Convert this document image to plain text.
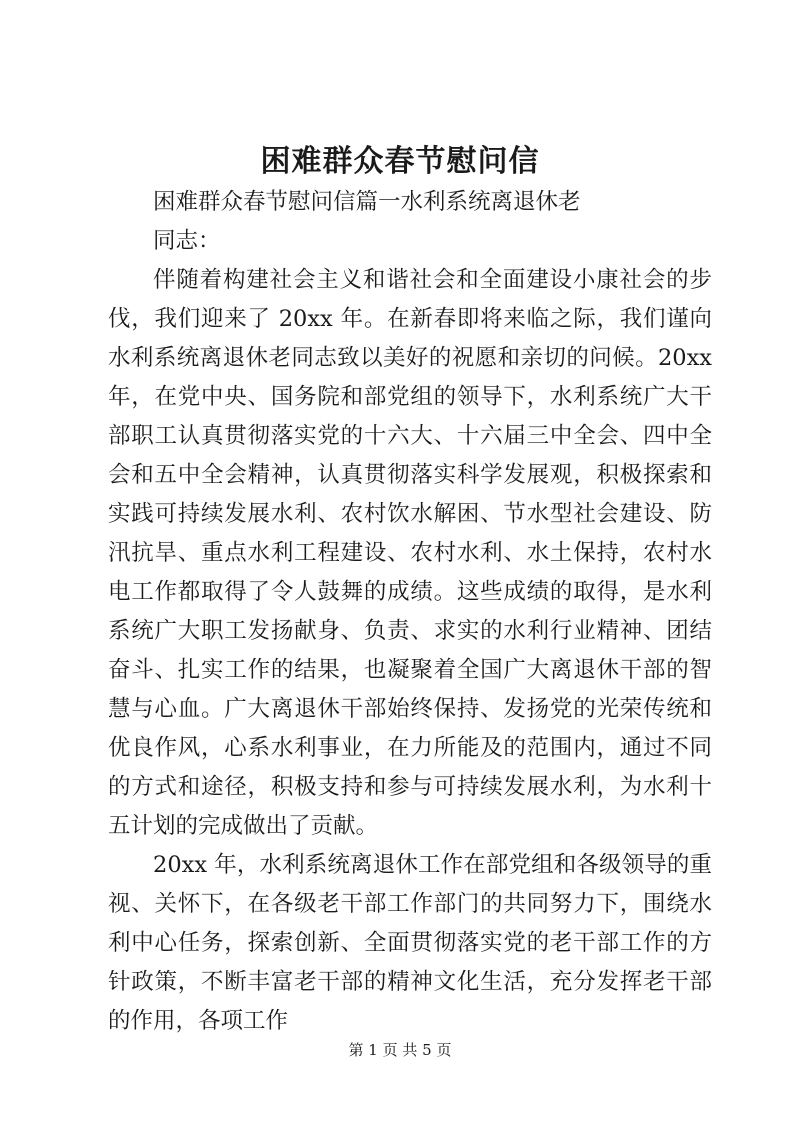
困难群众春节慰问信

困难群众春节慰问信篇一水利系统离退休老

同志：

伴随着构建社会主义和谐社会和全面建设小康社会的步伐，我们迎来了 20xx 年。在新春即将来临之际，我们谨向水利系统离退休老同志致以美好的祝愿和亲切的问候。20xx 年，在党中央、国务院和部党组的领导下，水利系统广大干部职工认真贯彻落实党的十六大、十六届三中全会、四中全会和五中全会精神，认真贯彻落实科学发展观，积极探索和实践可持续发展水利、农村饮水解困、节水型社会建设、防汛抗旱、重点水利工程建设、农村水利、水土保持，农村水电工作都取得了令人鼓舞的成绩。这些成绩的取得，是水利系统广大职工发扬献身、负责、求实的水利行业精神、团结奋斗、扎实工作的结果，也凝聚着全国广大离退休干部的智慧与心血。广大离退休干部始终保持、发扬党的光荣传统和优良作风，心系水利事业，在力所能及的范围内，通过不同的方式和途径，积极支持和参与可持续发展水利，为水利十五计划的完成做出了贡献。

20xx 年，水利系统离退休工作在部党组和各级领导的重视、关怀下，在各级老干部工作部门的共同努力下，围绕水利中心任务，探索创新、全面贯彻落实党的老干部工作的方针政策，不断丰富老干部的精神文化生活，充分发挥老干部的作用，各项工作

第 1 页 共 5 页
